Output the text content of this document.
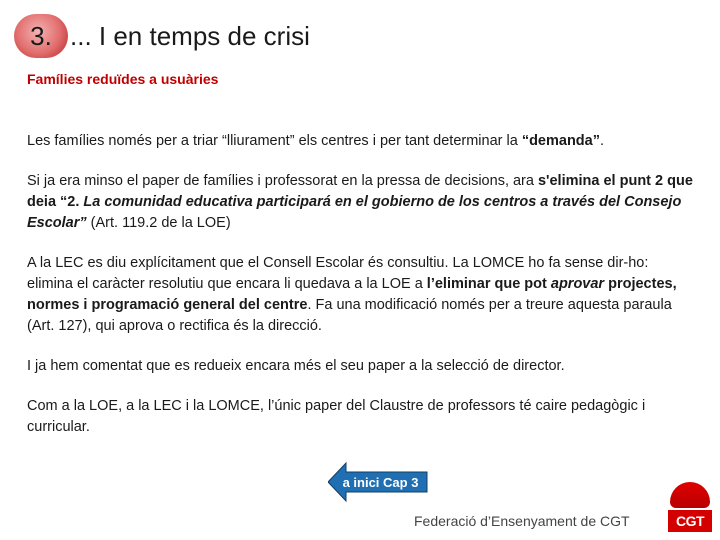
3. ... I en temps de crisi
Famílies reduïdes a usuàries

Les famílies només per a triar “lliurament” els centres i per tant determinar la “demanda”.

Si ja era minso el paper de famílies i professorat en la pressa de decisions, ara s'elimina el punt 2 que deia “2. La comunidad educativa participará en el gobierno de los centros a través del Consejo Escolar” (Art. 119.2 de la LOE)

A la LEC es diu explícitament que el Consell Escolar és consultiu. La LOMCE ho fa sense dir-ho: elimina el caràcter resolutiu que encara li quedava a la LOE a l’eliminar que pot aprovar projectes, normes i programació general del centre. Fa una modificació només per a treure aquesta paraula (Art. 127), qui aprova o rectifica és la direcció.

I ja hem comentat que es redueix encara més el seu paper a la selecció de director.

Com a la LOE, a la LEC i la LOMCE, l’únic paper del Claustre de professors té caire pedagògic i curricular.

a inici Cap 3
Federació d’Ensenyament de CGT	CGT
